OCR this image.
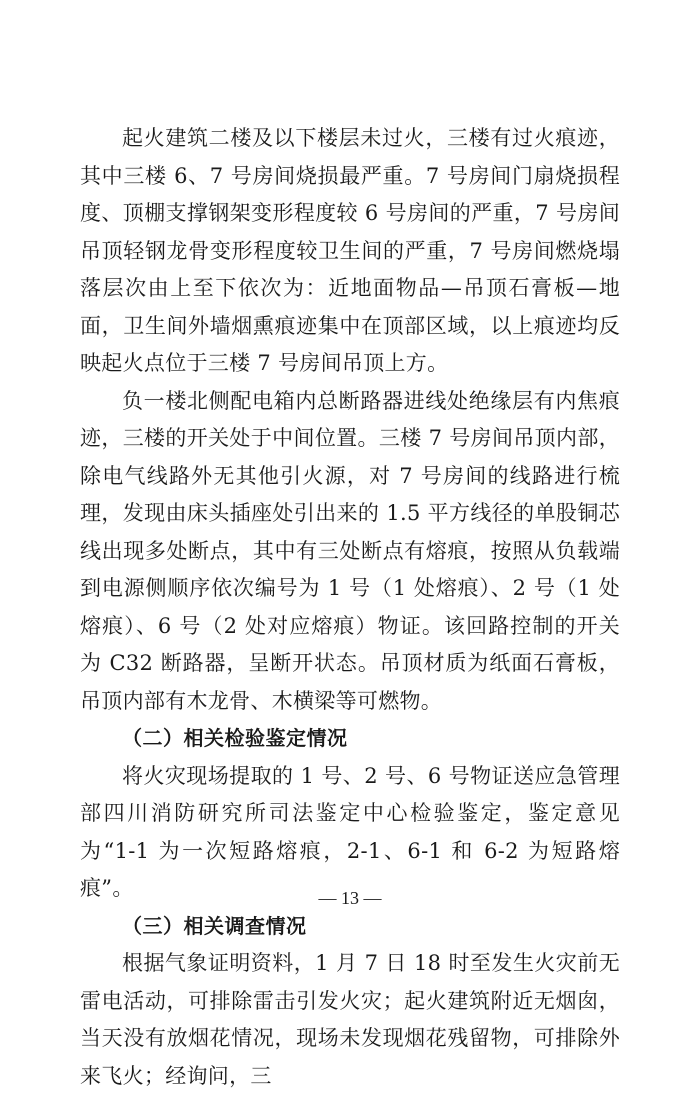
起火建筑二楼及以下楼层未过火，三楼有过火痕迹，其中三楼 6、7 号房间烧损最严重。7 号房间门扇烧损程度、顶棚支撑钢架变形程度较 6 号房间的严重，7 号房间吊顶轻钢龙骨变形程度较卫生间的严重，7 号房间燃烧塌落层次由上至下依次为：近地面物品—吊顶石膏板—地面，卫生间外墙烟熏痕迹集中在顶部区域，以上痕迹均反映起火点位于三楼 7 号房间吊顶上方。

负一楼北侧配电箱内总断路器进线处绝缘层有内焦痕迹，三楼的开关处于中间位置。三楼 7 号房间吊顶内部，除电气线路外无其他引火源，对 7 号房间的线路进行梳理，发现由床头插座处引出来的 1.5 平方线径的单股铜芯线出现多处断点，其中有三处断点有熔痕，按照从负载端到电源侧顺序依次编号为 1 号（1 处熔痕）、2 号（1 处熔痕）、6 号（2 处对应熔痕）物证。该回路控制的开关为 C32 断路器，呈断开状态。吊顶材质为纸面石膏板，吊顶内部有木龙骨、木横梁等可燃物。

（二）相关检验鉴定情况

将火灾现场提取的 1 号、2 号、6 号物证送应急管理部四川消防研究所司法鉴定中心检验鉴定，鉴定意见为“1-1 为一次短路熔痕，2-1、6-1 和 6-2 为短路熔痕”。

（三）相关调查情况

根据气象证明资料，1 月 7 日 18 时至发生火灾前无雷电活动，可排除雷击引发火灾；起火建筑附近无烟囱，当天没有放烟花情况，现场未发现烟花残留物，可排除外来飞火；经询问，三

— 13 —
